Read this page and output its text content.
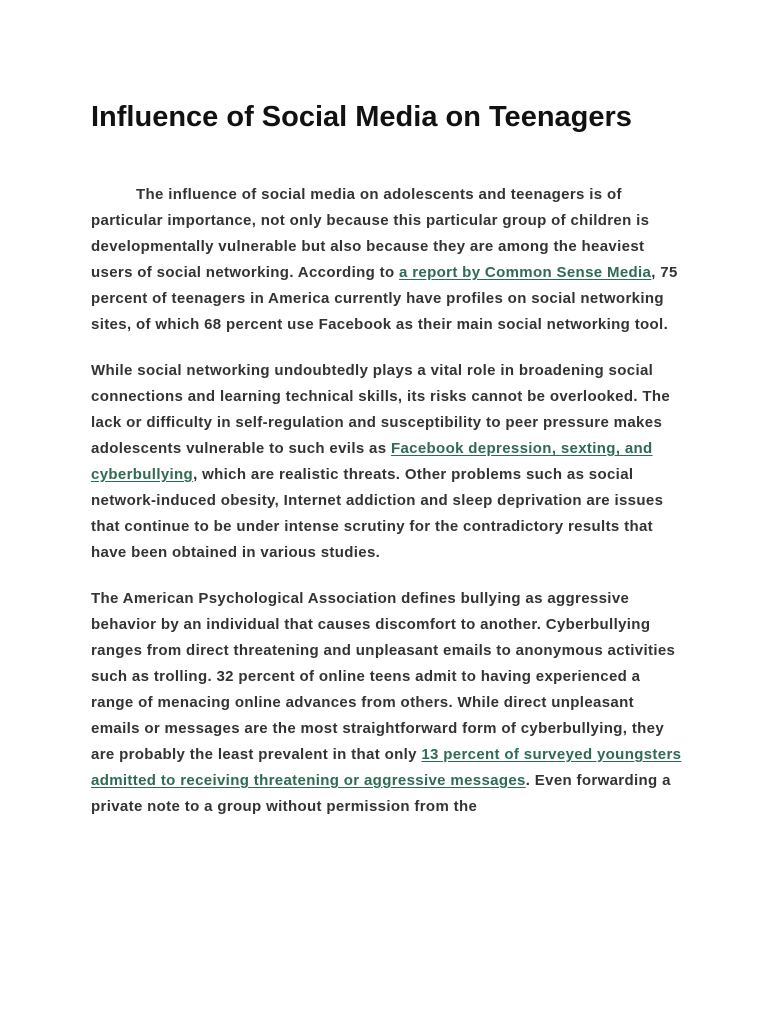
Influence of Social Media on Teenagers

The influence of social media on adolescents and teenagers is of particular importance, not only because this particular group of children is developmentally vulnerable but also because they are among the heaviest users of social networking. According to a report by Common Sense Media, 75 percent of teenagers in America currently have profiles on social networking sites, of which 68 percent use Facebook as their main social networking tool.

While social networking undoubtedly plays a vital role in broadening social connections and learning technical skills, its risks cannot be overlooked. The lack or difficulty in self-regulation and susceptibility to peer pressure makes adolescents vulnerable to such evils as Facebook depression, sexting, and cyberbullying, which are realistic threats. Other problems such as social network-induced obesity, Internet addiction and sleep deprivation are issues that continue to be under intense scrutiny for the contradictory results that have been obtained in various studies.

The American Psychological Association defines bullying as aggressive behavior by an individual that causes discomfort to another. Cyberbullying ranges from direct threatening and unpleasant emails to anonymous activities such as trolling. 32 percent of online teens admit to having experienced a range of menacing online advances from others. While direct unpleasant emails or messages are the most straightforward form of cyberbullying, they are probably the least prevalent in that only 13 percent of surveyed youngsters admitted to receiving threatening or aggressive messages. Even forwarding a private note to a group without permission from the
